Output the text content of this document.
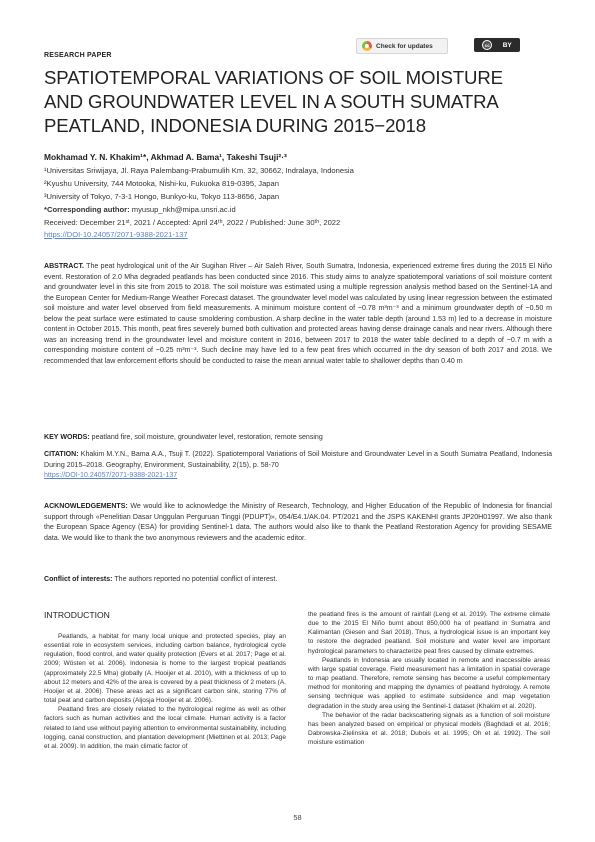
RESEARCH PAPER
Check for updates	cc	BY
SPATIOTEMPORAL VARIATIONS OF SOIL MOISTURE
AND GROUNDWATER LEVEL IN A SOUTH SUMATRA
PEATLAND, INDONESIA DURING 2015−2018
Mokhamad Y. N. Khakim¹*, Akhmad A. Bama¹, Takeshi Tsuji²·³
¹Universitas Sriwijaya, Jl. Raya Palembang-Prabumulih Km. 32, 30662, Indralaya, Indonesia
²Kyushu University, 744 Motooka, Nishi-ku, Fukuoka 819-0395, Japan
³University of Tokyo, 7-3-1 Hongo, Bunkyo-ku, Tokyo 113-8656, Japan
*Corresponding author: myusup_nkh@mipa.unsri.ac.id
Received: December 21ˢᵗ, 2021 / Accepted: April 24ᵗʰ, 2022 / Published: June 30ᵗʰ, 2022
https://DOI-10.24057/2071-9388-2021-137
ABSTRACT. The peat hydrological unit of the Air Sugihan River – Air Saleh River, South Sumatra, Indonesia, experienced extreme fires during the 2015 El Niño event. Restoration of 2.0 Mha degraded peatlands has been conducted since 2016. This study aims to analyze spatiotemporal variations of soil moisture content and groundwater level in this site from 2015 to 2018. The soil moisture was estimated using a multiple regression analysis method based on the Sentinel-1A and the European Center for Medium-Range Weather Forecast dataset. The groundwater level model was calculated by using linear regression between the estimated soil moisture and water level observed from field measurements. A minimum moisture content of ~0.78 m³m⁻³ and a minimum groundwater depth of ~0.50 m below the peat surface were estimated to cause smoldering combustion. A sharp decline in the water table depth (around 1.53 m) led to a decrease in moisture content in October 2015. This month, peat fires severely burned both cultivation and protected areas having dense drainage canals and near rivers. Although there was an increasing trend in the groundwater level and moisture content in 2016, between 2017 to 2018 the water table declined to a depth of ~0.7 m with a corresponding moisture content of ~0.25 m³m⁻³. Such decline may have led to a few peat fires which occurred in the dry season of both 2017 and 2018. We recommended that law enforcement efforts should be conducted to raise the mean annual water table to shallower depths than 0.40 m
KEY WORDS: peatland fire, soil moisture, groundwater level, restoration, remote sensing
CITATION: Khakim M.Y.N., Bama A.A., Tsuji T. (2022). Spatiotemporal Variations of Soil Moisture and Groundwater Level in a South Sumatra Peatland, Indonesia During 2015–2018. Geography, Environment, Sustainability, 2(15), p. 58-70
https://DOI-10.24057/2071-9388-2021-137
ACKNOWLEDGEMENTS: We would like to acknowledge the Ministry of Research, Technology, and Higher Education of the Republic of Indonesia for financial support through «Penelitian Dasar Unggulan Perguruan Tinggi (PDUPT)», 054/E4.1/AK.04. PT/2021 and the JSPS KAKENHI grants JP20H01997. We also thank the European Space Agency (ESA) for providing Sentinel-1 data. The authors would also like to thank the Peatland Restoration Agency for providing SESAME data. We would like to thank the two anonymous reviewers and the academic editor.
Conflict of interests: The authors reported no potential conflict of interest.
INTRODUCTION

Peatlands, a habitat for many local unique and protected species, play an essential role in ecosystem services, including carbon balance, hydrological cycle regulation, flood control, and water quality protection (Evers et al. 2017; Page et al. 2009; Wösten et al. 2006). Indonesia is home to the largest tropical peatlands (approximately 22.5 Mha) globally (A. Hooijer et al. 2010), with a thickness of up to about 12 meters and 42% of the area is covered by a peat thickness of 2 meters (A. Hooijer et al. 2006). These areas act as a significant carbon sink, storing 77% of total peat and carbon deposits (Aljosja Hooijer et al. 2006).

Peatland fires are closely related to the hydrological regime as well as other factors such as human activities and the local climate. Human activity is a factor related to land use without paying attention to environmental sustainability, including logging, canal construction, and plantation development (Miettinen et al. 2013; Page et al. 2009). In addition, the main climatic factor of

the peatland fires is the amount of rainfall (Leng et al. 2019). The extreme climate due to the 2015 El Niño burnt about 850,000 ha of peatland in Sumatra and Kalimantan (Giesen and Sari 2018). Thus, a hydrological issue is an important key to restore the degraded peatland. Soil moisture and water level are important hydrological parameters to characterize peat fires caused by climate extremes.

Peatlands in Indonesia are usually located in remote and inaccessible areas with large spatial coverage. Field measurement has a limitation in spatial coverage to map peatland. Therefore, remote sensing has become a useful complementary method for monitoring and mapping the dynamics of peatland hydrology. A remote sensing technique was applied to estimate subsidence and map vegetation degradation in the study area using the Sentinel-1 dataset (Khakim et al. 2020).

The behavior of the radar backscattering signals as a function of soil moisture has been analyzed based on empirical or physical models (Baghdadi et al. 2016; Dabrowska-Zielinska et al. 2018; Dubois et al. 1995; Oh et al. 1992). The soil moisture estimation

58
